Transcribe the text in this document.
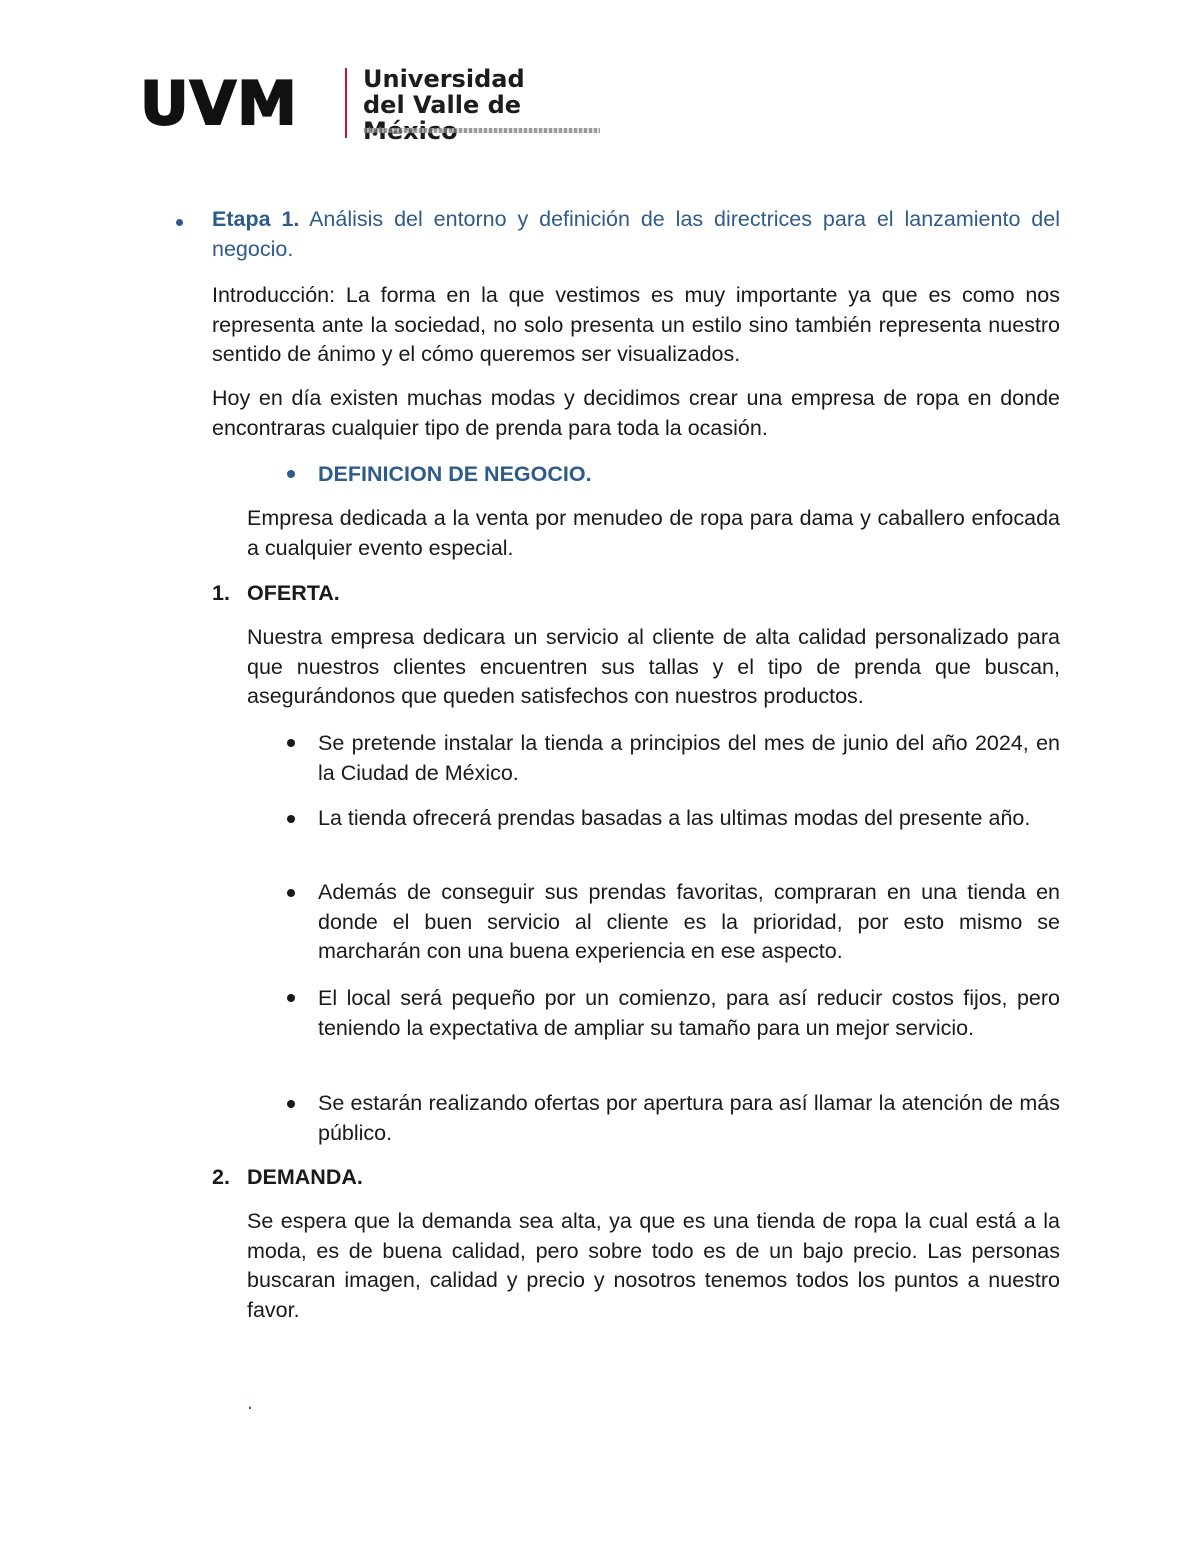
UVM	Universidad
del Valle de

Etapa 1. Análisis del entorno y definición de las directrices para el lanzamiento del negocio.

Introducción: La forma en la que vestimos es muy importante ya que es como nos representa ante la sociedad, no solo presenta un estilo sino también representa nuestro sentido de ánimo y el cómo queremos ser visualizados.

Hoy en día existen muchas modas y decidimos crear una empresa de ropa en donde encontraras cualquier tipo de prenda para toda la ocasión.

DEFINICION DE NEGOCIO.

Empresa dedicada a la venta por menudeo de ropa para dama y caballero enfocada a cualquier evento especial.

1. OFERTA.

Nuestra empresa dedicara un servicio al cliente de alta calidad personalizado para que nuestros clientes encuentren sus tallas y el tipo de prenda que buscan, asegurándonos que queden satisfechos con nuestros productos.

Se pretende instalar la tienda a principios del mes de junio del año 2024, en la Ciudad de México.

La tienda ofrecerá prendas basadas a las ultimas modas del presente año.

Además de conseguir sus prendas favoritas, compraran en una tienda en donde el buen servicio al cliente es la prioridad, por esto mismo se marcharán con una buena experiencia en ese aspecto.

El local será pequeño por un comienzo, para así reducir costos fijos, pero teniendo la expectativa de ampliar su tamaño para un mejor servicio.

Se estarán realizando ofertas por apertura para así llamar la atención de más público.

2. DEMANDA.

Se espera que la demanda sea alta, ya que es una tienda de ropa la cual está a la moda, es de buena calidad, pero sobre todo es de un bajo precio. Las personas buscaran imagen, calidad y precio y nosotros tenemos todos los puntos a nuestro favor.

.
